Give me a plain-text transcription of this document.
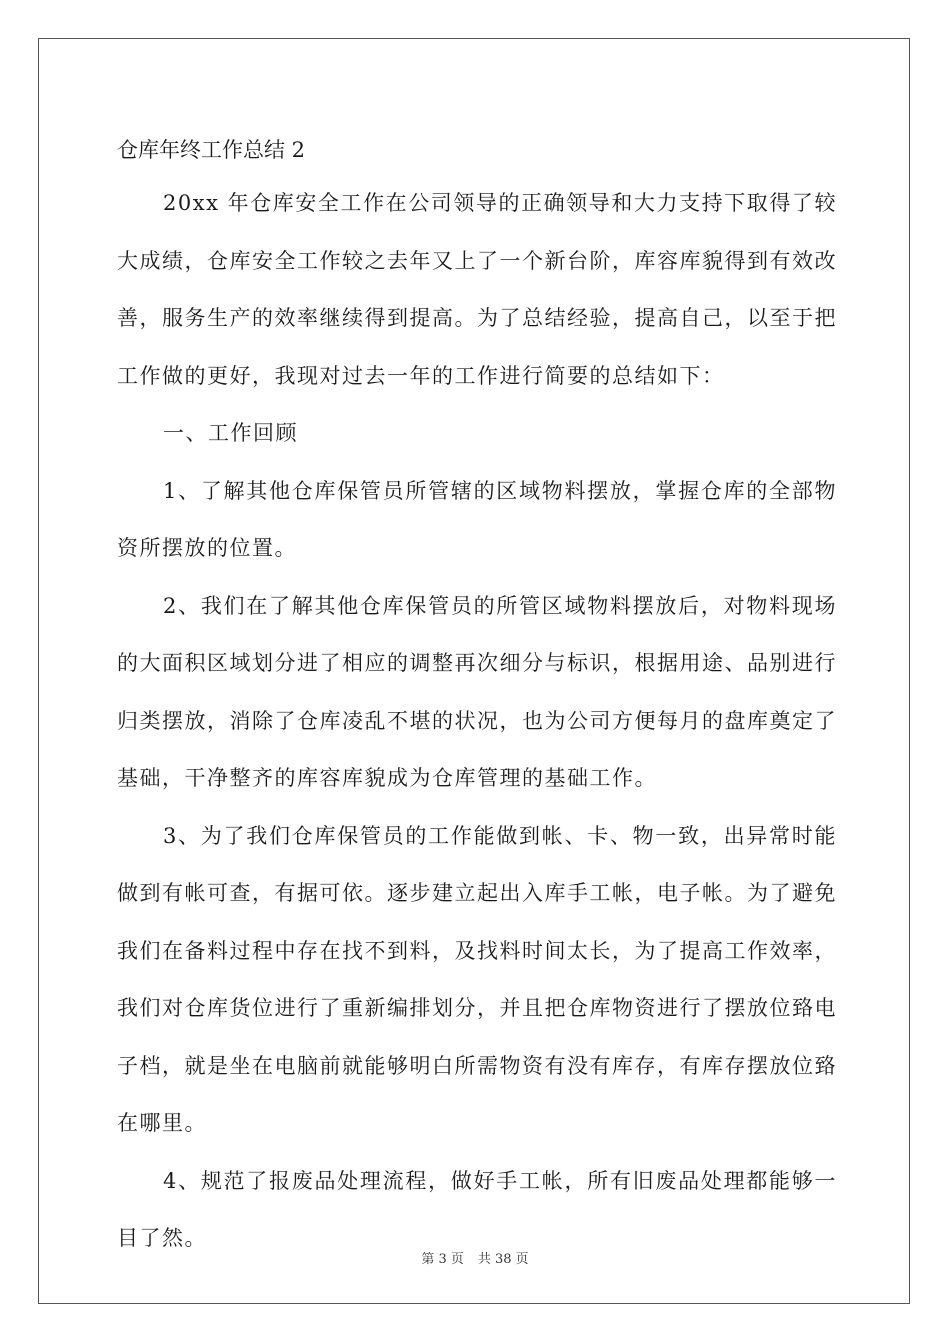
仓库年终工作总结 2

20xx 年仓库安全工作在公司领导的正确领导和大力支持下取得了较大成绩，仓库安全工作较之去年又上了一个新台阶，库容库貌得到有效改善，服务生产的效率继续得到提高。为了总结经验，提高自己，以至于把工作做的更好，我现对过去一年的工作进行简要的总结如下：

一、工作回顾

1、了解其他仓库保管员所管辖的区域物料摆放，掌握仓库的全部物资所摆放的位置。

2、我们在了解其他仓库保管员的所管区域物料摆放后，对物料现场的大面积区域划分进了相应的调整再次细分与标识，根据用途、品别进行归类摆放，消除了仓库凌乱不堪的状况，也为公司方便每月的盘库奠定了基础，干净整齐的库容库貌成为仓库管理的基础工作。

3、为了我们仓库保管员的工作能做到帐、卡、物一致，出异常时能做到有帐可查，有据可依。逐步建立起出入库手工帐，电子帐。为了避免我们在备料过程中存在找不到料，及找料时间太长，为了提高工作效率，我们对仓库货位进行了重新编排划分，并且把仓库物资进行了摆放位臵电子档，就是坐在电脑前就能够明白所需物资有没有库存，有库存摆放位臵在哪里。

4、规范了报废品处理流程，做好手工帐，所有旧废品处理都能够一目了然。

第 3 页 共 38 页
